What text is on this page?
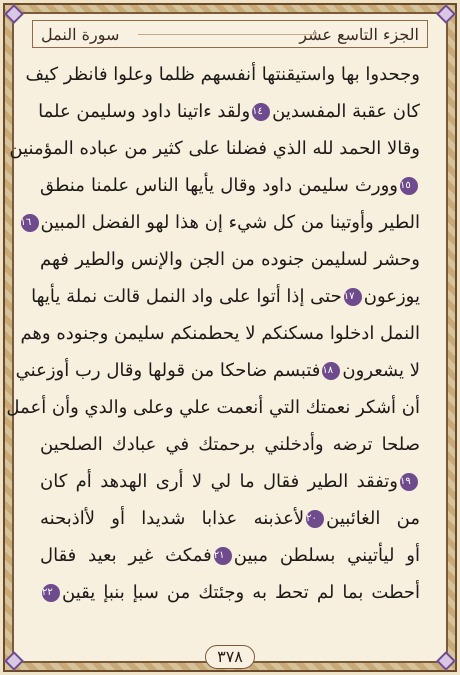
سورة النمل	الجزء التاسع عشر
وجحدوا بها واستيقنتها أنفسهم ظلما وعلوا فانظر كيف
كان عقبة المفسدين١٤ولقد ءاتينا داود وسليمن علما
وقالا الحمد لله الذي فضلنا على كثير من عباده المؤمنين
١٥وورث سليمن داود وقال يأيها الناس علمنا منطق
الطير وأوتينا من كل شيء إن هذا لهو الفضل المبين١٦
وحشر لسليمن جنوده من الجن والإنس والطير فهم
يوزعون١٧حتى إذا أتوا على واد النمل قالت نملة يأيها
النمل ادخلوا مسكنكم لا يحطمنكم سليمن وجنوده وهم
لا يشعرون١٨فتبسم ضاحكا من قولها وقال رب أوزعني
أن أشكر نعمتك التي أنعمت علي وعلى والدي وأن أعمل
صلحا ترضه وأدخلني برحمتك في عبادك الصلحين
١٩وتفقد الطير فقال ما لي لا أرى الهدهد أم كان
من الغائبين٢٠لأعذبنه عذابا شديدا أو لأاذبحنه
أو ليأتيني بسلطن مبين٢١فمكث غير بعيد فقال
أحطت بما لم تحط به وجئتك من سبإ بنبإ يقين٢٢
٣٧٨
